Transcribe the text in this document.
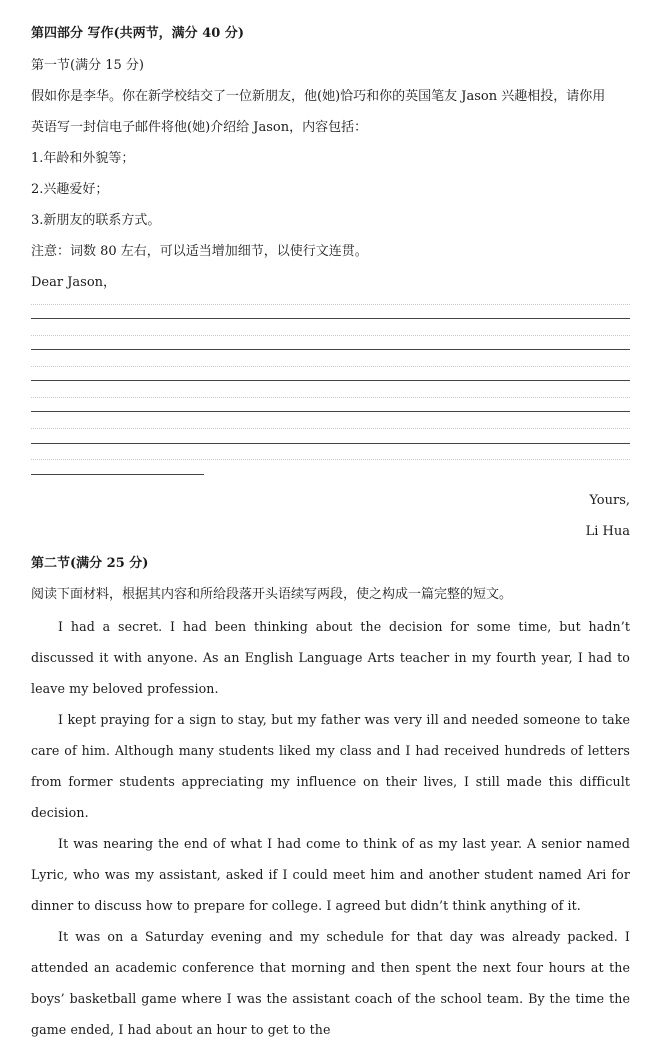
第四部分 写作(共两节，满分 40 分)
第一节(满分 15 分)
假如你是李华。你在新学校结交了一位新朋友，他(她)恰巧和你的英国笔友 Jason 兴趣相投，请你用
英语写一封信电子邮件将他(她)介绍给 Jason，内容包括：
1.年龄和外貌等；
2.兴趣爱好；
3.新朋友的联系方式。
注意：词数 80 左右，可以适当增加细节，以使行文连贯。
Dear Jason，
Yours,
Li Hua
第二节(满分 25 分)
阅读下面材料，根据其内容和所给段落开头语续写两段，使之构成一篇完整的短文。

I had a secret. I had been thinking about the decision for some time, but hadn’t discussed it with anyone. As an English Language Arts teacher in my fourth year, I had to leave my beloved profession.

I kept praying for a sign to stay, but my father was very ill and needed someone to take care of him. Although many students liked my class and I had received hundreds of letters from former students appreciating my influence on their lives, I still made this difficult decision.

It was nearing the end of what I had come to think of as my last year. A senior named Lyric, who was my assistant, asked if I could meet him and another student named Ari for dinner to discuss how to prepare for college. I agreed but didn’t think anything of it.

It was on a Saturday evening and my schedule for that day was already packed. I attended an academic conference that morning and then spent the next four hours at the boys’ basketball game where I was the assistant coach of the school team. By the time the game ended, I had about an hour to get to the
